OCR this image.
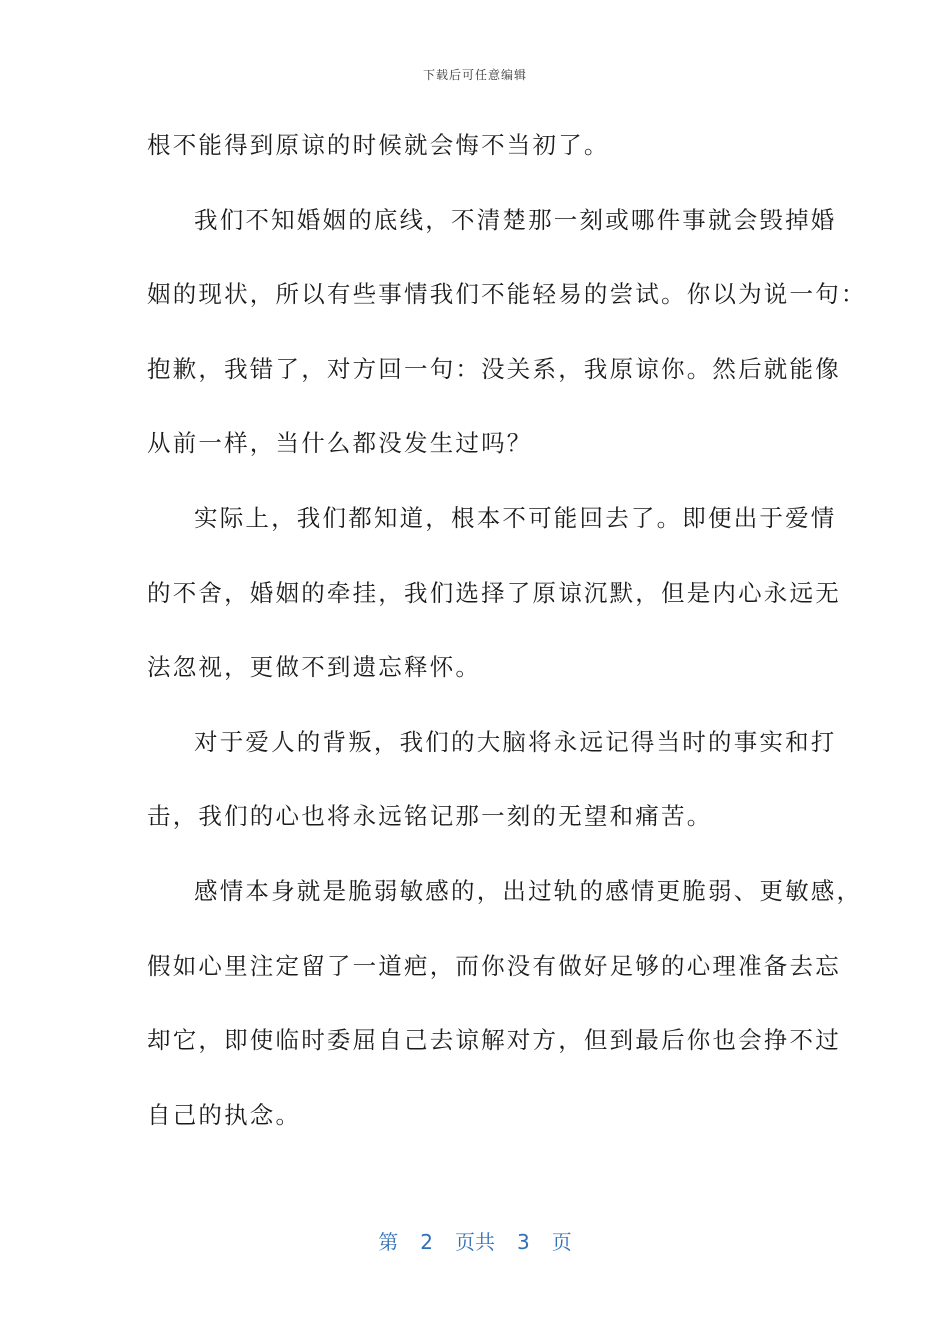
下载后可任意编辑
根不能得到原谅的时候就会悔不当初了。
我们不知婚姻的底线，不清楚那一刻或哪件事就会毁掉婚
姻的现状，所以有些事情我们不能轻易的尝试。你以为说一句：
抱歉，我错了，对方回一句：没关系，我原谅你。然后就能像
从前一样，当什么都没发生过吗？
实际上，我们都知道，根本不可能回去了。即便出于爱情
的不舍，婚姻的牵挂，我们选择了原谅沉默，但是内心永远无
法忽视，更做不到遗忘释怀。
对于爱人的背叛，我们的大脑将永远记得当时的事实和打
击，我们的心也将永远铭记那一刻的无望和痛苦。
感情本身就是脆弱敏感的，出过轨的感情更脆弱、更敏感，
假如心里注定留了一道疤，而你没有做好足够的心理准备去忘
却它，即使临时委屈自己去谅解对方，但到最后你也会挣不过
自己的执念。
第 2 页共 3 页
